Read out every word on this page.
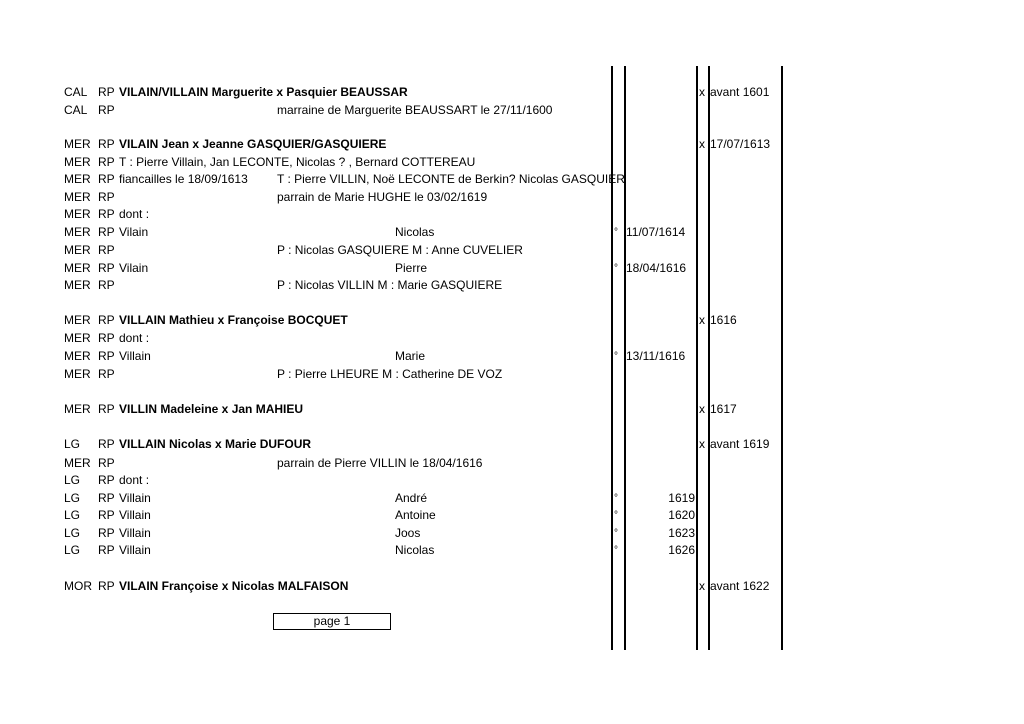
CAL RP VILAIN/VILLAIN Marguerite x Pasquier BEAUSSAR	x avant 1601
CAL RP	marraine de Marguerite BEAUSSART le 27/11/1600
MER RP VILAIN Jean x Jeanne GASQUIER/GASQUIERE	x 17/07/1613
MER RP T : Pierre Villain, Jan LECONTE, Nicolas ? , Bernard COTTEREAU
MER RP fiancailles le 18/09/1613 T : Pierre VILLIN, Noë LECONTE de Berkin? Nicolas GASQUIER
MER RP	parrain de Marie HUGHE le 03/02/1619
MER RP dont :
MER RP Vilain	Nicolas	° 11/07/1614
MER RP	P : Nicolas GASQUIERE M : Anne CUVELIER
MER RP Vilain	Pierre	° 18/04/1616
MER RP	P : Nicolas VILLIN M : Marie GASQUIERE
MER RP VILLAIN Mathieu x Françoise BOCQUET	x 1616
MER RP dont :
MER RP Villain	Marie	° 13/11/1616
MER RP	P : Pierre LHEURE M : Catherine DE VOZ
MER RP VILLIN Madeleine x Jan MAHIEU	x 1617
LG RP VILLAIN Nicolas x Marie DUFOUR	x avant 1619
MER RP	parrain de Pierre VILLIN le 18/04/1616
LG RP dont :
LG RP Villain	André	°	1619
LG RP Villain	Antoine	°	1620
LG RP Villain	Joos	°	1623
LG RP Villain	Nicolas	°	1626
MOR RP VILAIN Françoise x Nicolas MALFAISON	x avant 1622
page 1
